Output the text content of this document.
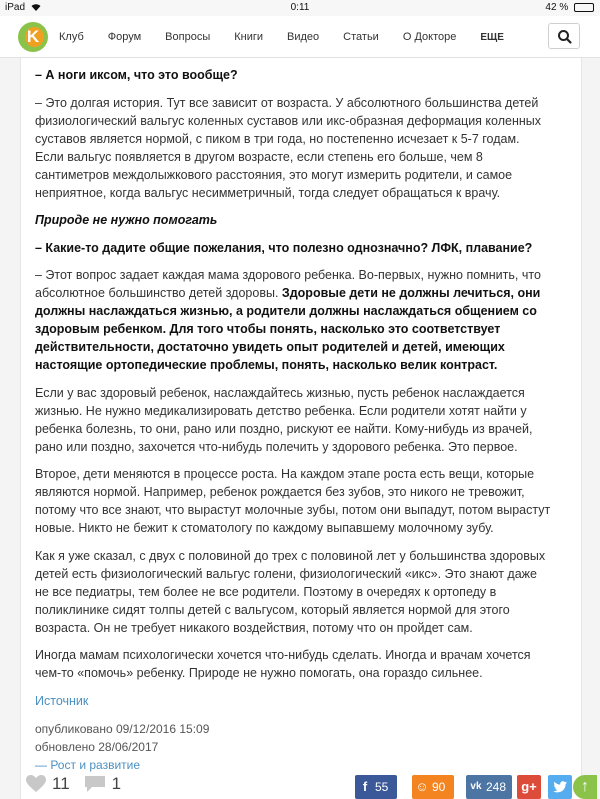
iPad	0:11	42 %
K	Клуб Форум Вопросы Книги Видео Статьи О Докторе ЕЩЕ

– А ноги иксом, что это вообще?

– Это долгая история. Тут все зависит от возраста. У абсолютного большинства детей физиологический вальгус коленных суставов или икс-образная деформация коленных суставов является нормой, с пиком в три года, но постепенно исчезает к 5-7 годам. Если вальгус появляется в другом возрасте, если степень его больше, чем 8 сантиметров междолыжкового расстояния, это могут измерить родители, и самое неприятное, когда вальгус несимметричный, тогда следует обращаться к врачу.

Природе не нужно помогать

– Какие-то дадите общие пожелания, что полезно однозначно? ЛФК, плавание?

– Этот вопрос задает каждая мама здорового ребенка. Во-первых, нужно помнить, что абсолютное большинство детей здоровы. Здоровые дети не должны лечиться, они должны наслаждаться жизнью, а родители должны наслаждаться общением со здоровым ребенком. Для того чтобы понять, насколько это соответствует действительности, достаточно увидеть опыт родителей и детей, имеющих настоящие ортопедические проблемы, понять, насколько велик контраст.

Если у вас здоровый ребенок, наслаждайтесь жизнью, пусть ребенок наслаждается жизнью. Не нужно медикализировать детство ребенка. Если родители хотят найти у ребенка болезнь, то они, рано или поздно, рискуют ее найти. Кому-нибудь из врачей, рано или поздно, захочется что-нибудь полечить у здорового ребенка. Это первое.

Второе, дети меняются в процессе роста. На каждом этапе роста есть вещи, которые являются нормой. Например, ребенок рождается без зубов, это никого не тревожит, потому что все знают, что вырастут молочные зубы, потом они выпадут, потом вырастут новые. Никто не бежит к стоматологу по каждому выпавшему молочному зубу.

Как я уже сказал, с двух с половиной до трех с половиной лет у большинства здоровых детей есть физиологический вальгус голени, физиологический «икс». Это знают даже не все педиатры, тем более не все родители. Поэтому в очередях к ортопеду в поликлинике сидят толпы детей с вальгусом, который является нормой для этого возраста. Он не требует никакого воздействия, потому что он пройдет сам.

Иногда мамам психологически хочется что-нибудь сделать. Иногда и врачам хочется чем-то «помочь» ребенку. Природе не нужно помогать, она гораздо сильнее.

Источник

опубликовано 09/12/2016 15:09

обновлено 28/06/2017

— Рост и развитие

11 1	f 55	☺ 90	vk 248	g+	↑
